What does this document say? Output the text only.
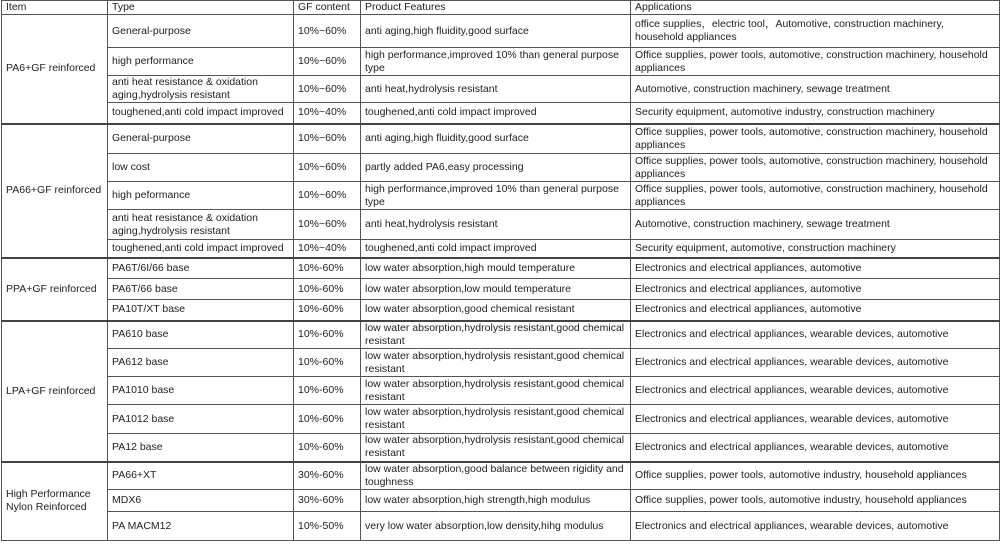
Item	Type	GF content	Product Features	Applications
PA6+GF reinforced	General-purpose	10%~60%	anti aging,high fluidity,good surface	office supplies，electric tool，Automotive, construction machinery, household appliances
	high performance	10%~60%	high performance,improved 10% than general purpose type	Office supplies, power tools, automotive, construction machinery, household appliances
	anti heat resistance & oxidation aging,hydrolysis resistant	10%~60%	anti heat,hydrolysis resistant	Automotive, construction machinery, sewage treatment
	toughened,anti cold impact improved	10%~40%	toughened,anti cold impact improved	Security equipment, automotive industry, construction machinery
PA66+GF reinforced	General-purpose	10%~60%	anti aging,high fluidity,good surface	Office supplies, power tools, automotive, construction machinery, household appliances
	low cost	10%~60%	partly added PA6,easy processing	Office supplies, power tools, automotive, construction machinery, household appliances
	high peformance	10%~60%	high performance,improved 10% than general purpose type	Office supplies, power tools, automotive, construction machinery, household appliances
	anti heat resistance & oxidation aging,hydrolysis resistant	10%~60%	anti heat,hydrolysis resistant	Automotive, construction machinery, sewage treatment
	toughened,anti cold impact improved	10%~40%	toughened,anti cold impact improved	Security equipment, automotive, construction machinery
PPA+GF reinforced	PA6T/6I/66 base	10%-60%	low water absorption,high mould temperature	Electronics and electrical appliances, automotive
	PA6T/66 base	10%-60%	low water absorption,low mould temperature	Electronics and electrical appliances, automotive
	PA10T/XT base	10%-60%	low water absorption,good chemical resistant	Electronics and electrical appliances, automotive
LPA+GF reinforced	PA610 base	10%-60%	low water absorption,hydrolysis resistant,good chemical resistant	Electronics and electrical appliances, wearable devices, automotive
	PA612 base	10%-60%	low water absorption,hydrolysis resistant,good chemical resistant	Electronics and electrical appliances, wearable devices, automotive
	PA1010 base	10%-60%	low water absorption,hydrolysis resistant,good chemical resistant	Electronics and electrical appliances, wearable devices, automotive
	PA1012 base	10%-60%	low water absorption,hydrolysis resistant,good chemical resistant	Electronics and electrical appliances, wearable devices, automotive
	PA12 base	10%-60%	low water absorption,hydrolysis resistant,good chemical resistant	Electronics and electrical appliances, wearable devices, automotive
High Performance Nylon Reinforced	PA66+XT	30%-60%	low water absorption,good balance between rigidity and toughness	Office supplies, power tools, automotive industry, household appliances
	MDX6	30%-60%	low water absorption,high strength,high modulus	Office supplies, power tools, automotive industry, household appliances
	PA MACM12	10%-50%	very low water absorption,low density,hihg modulus	Electronics and electrical appliances, wearable devices, automotive
